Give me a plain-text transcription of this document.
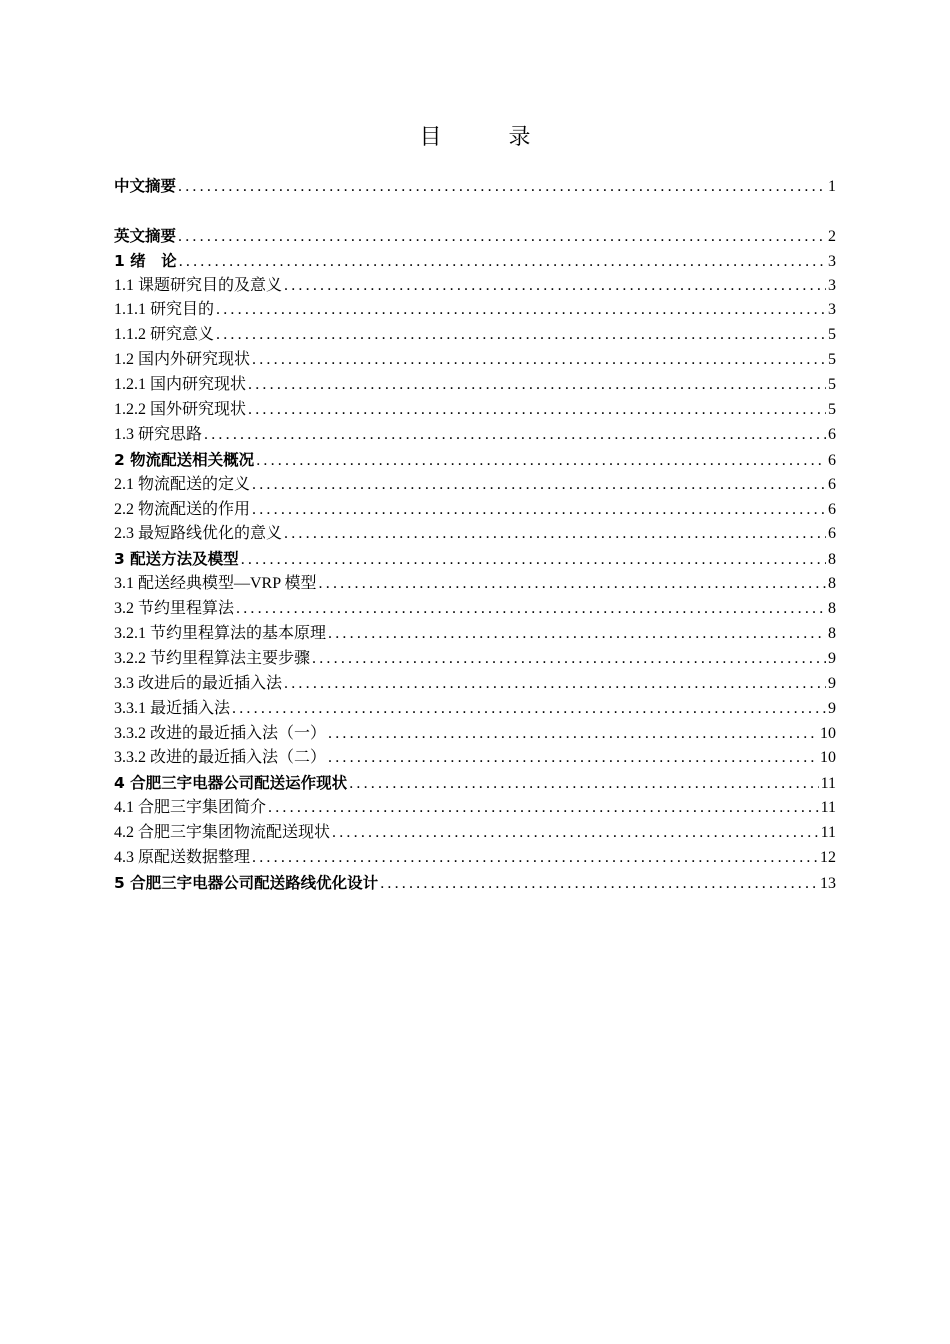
目 录
中文摘要 .....	1
英文摘要 .....	2
1 绪　论 .....	3
1.1 课题研究目的及意义 .....	3
1.1.1 研究目的 .....	3
1.1.2 研究意义 .....	5
1.2 国内外研究现状 .....	5
1.2.1 国内研究现状 .....	5
1.2.2 国外研究现状 .....	5
1.3 研究思路 .....	6
2 物流配送相关概况 .....	6
2.1 物流配送的定义 .....	6
2.2 物流配送的作用 .....	6
2.3 最短路线优化的意义 .....	6
3 配送方法及模型 .....	8
3.1 配送经典模型—VRP 模型 .....	8
3.2 节约里程算法 .....	8
3.2.1 节约里程算法的基本原理 .....	8
3.2.2 节约里程算法主要步骤 .....	9
3.3 改进后的最近插入法 .....	9
3.3.1 最近插入法 .....	9
3.3.2 改进的最近插入法（一） .....	10
3.3.2 改进的最近插入法（二） .....	10
4 合肥三宇电器公司配送运作现状 .....	11
4.1 合肥三宇集团简介 .....	11
4.2 合肥三宇集团物流配送现状 .....	11
4.3 原配送数据整理 .....	12
5 合肥三宇电器公司配送路线优化设计 .....	13
